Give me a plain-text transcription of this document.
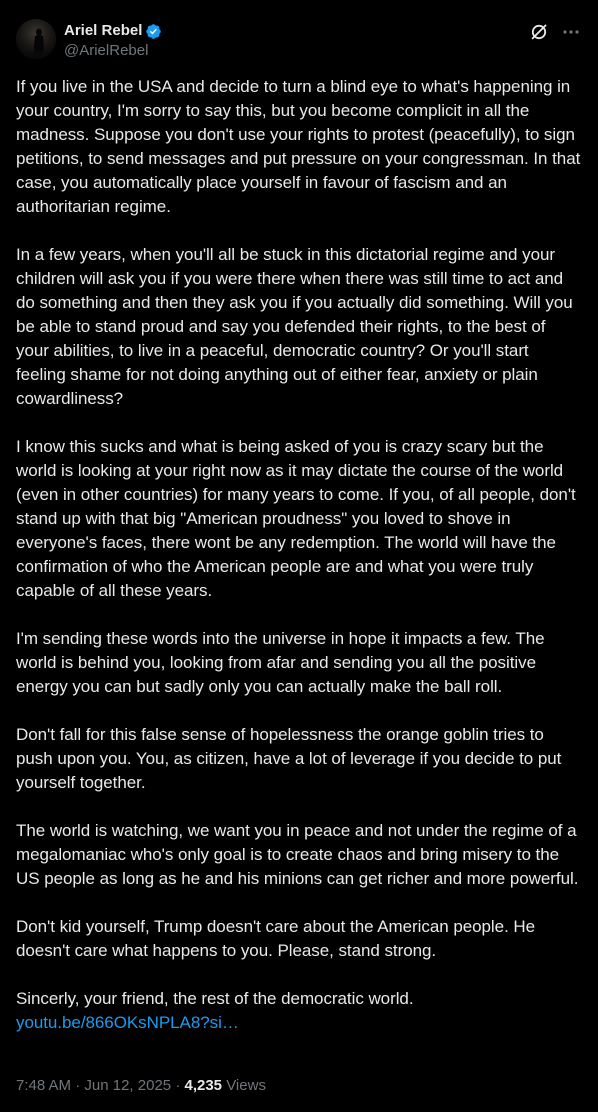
Ariel Rebel
@ArielRebel

If you live in the USA and decide to turn a blind eye to what's happening in your country, I'm sorry to say this, but you become complicit in all the madness. Suppose you don't use your rights to protest (peacefully), to sign petitions, to send messages and put pressure on your congressman. In that case, you automatically place yourself in favour of fascism and an authoritarian regime.

In a few years, when you'll all be stuck in this dictatorial regime and your children will ask you if you were there when there was still time to act and do something and then they ask you if you actually did something. Will you be able to stand proud and say you defended their rights, to the best of your abilities, to live in a peaceful, democratic country? Or you'll start feeling shame for not doing anything out of either fear, anxiety or plain cowardliness?

I know this sucks and what is being asked of you is crazy scary but the world is looking at your right now as it may dictate the course of the world (even in other countries) for many years to come. If you, of all people, don't stand up with that big "American proudness" you loved to shove in everyone's faces, there wont be any redemption. The world will have the confirmation of who the American people are and what you were truly capable of all these years.

I'm sending these words into the universe in hope it impacts a few. The world is behind you, looking from afar and sending you all the positive energy you can but sadly only you can actually make the ball roll.

Don't fall for this false sense of hopelessness the orange goblin tries to push upon you. You, as citizen, have a lot of leverage if you decide to put yourself together.

The world is watching, we want you in peace and not under the regime of a megalomaniac who's only goal is to create chaos and bring misery to the US people as long as he and his minions can get richer and more powerful.

Don't kid yourself, Trump doesn't care about the American people. He doesn't care what happens to you. Please, stand strong.

Sincerly, your friend, the rest of the democratic world.
youtu.be/866OKsNPLA8?si…

7:48 AM · Jun 12, 2025 · 4,235 Views
